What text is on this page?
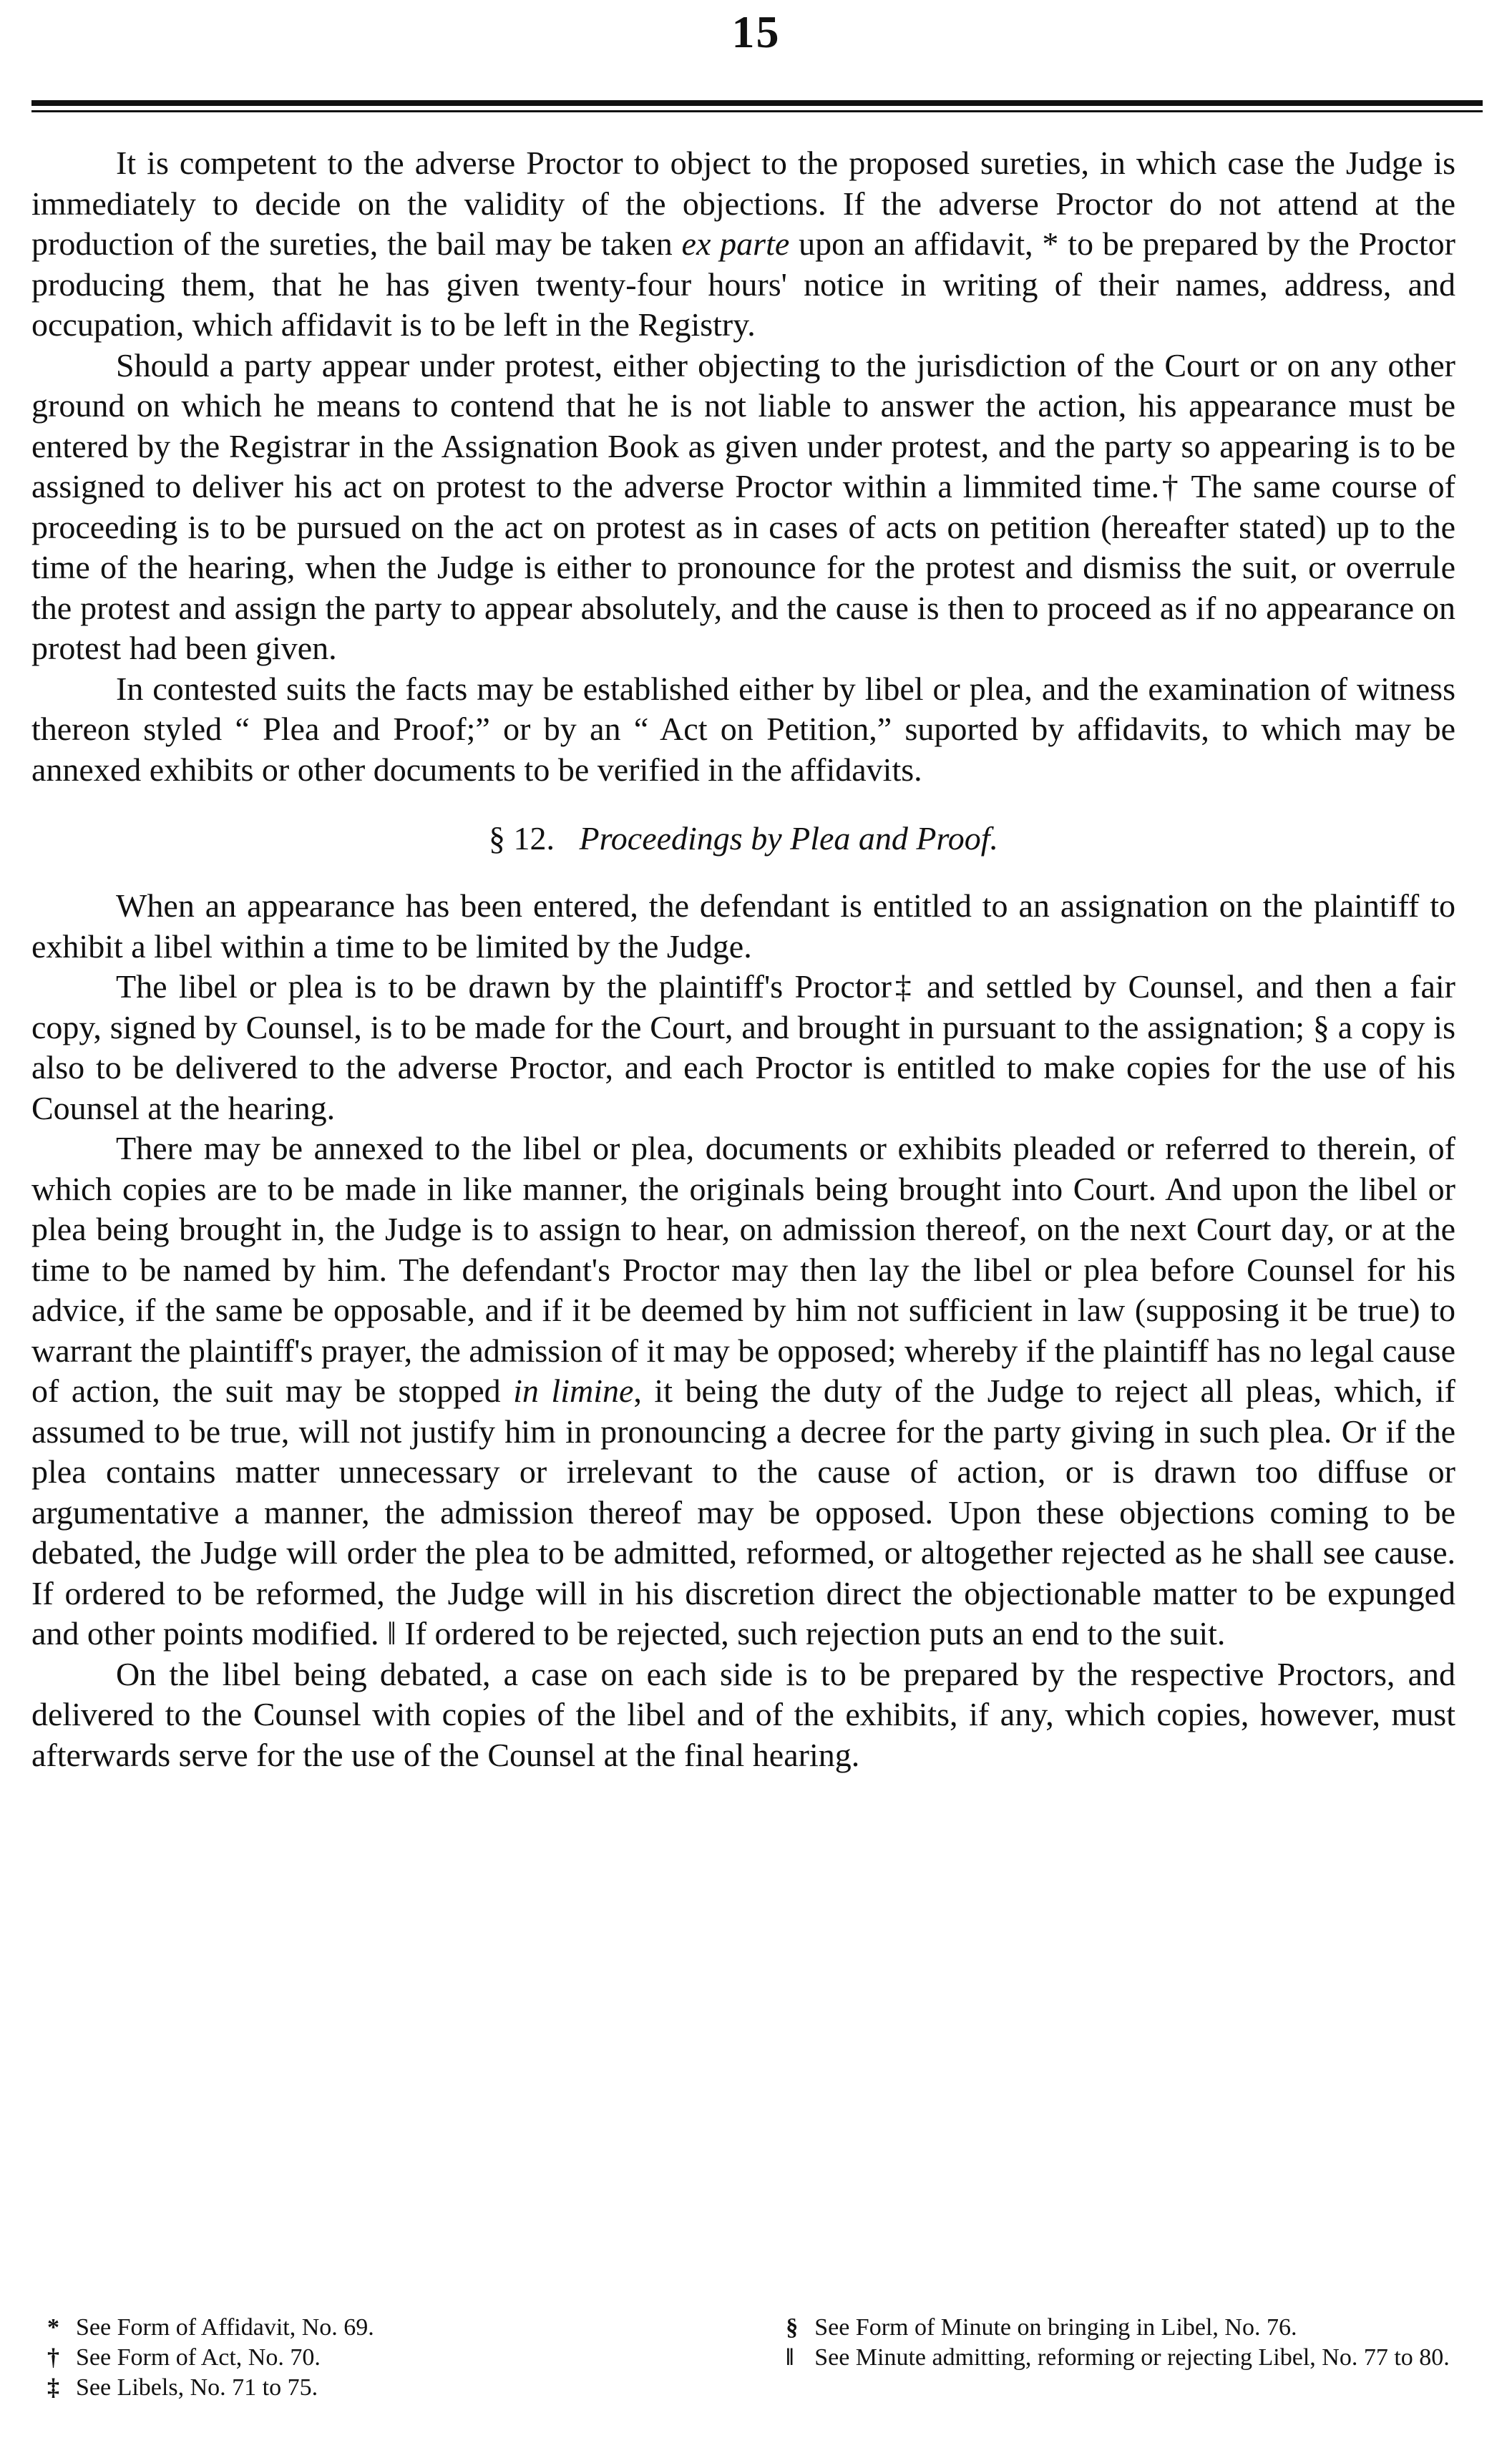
15

It is competent to the adverse Proctor to object to the proposed sureties, in which case the Judge is immediately to decide on the validity of the objections. If the adverse Proctor do not attend at the production of the sureties, the bail may be taken ex parte upon an affidavit, * to be prepared by the Proctor producing them, that he has given twenty-four hours' notice in writing of their names, address, and occupation, which affidavit is to be left in the Registry.

Should a party appear under protest, either objecting to the jurisdiction of the Court or on any other ground on which he means to contend that he is not liable to answer the action, his appearance must be entered by the Registrar in the Assignation Book as given under protest, and the party so appearing is to be assigned to deliver his act on protest to the adverse Proctor within a limmited time.† The same course of proceeding is to be pursued on the act on protest as in cases of acts on petition (hereafter stated) up to the time of the hearing, when the Judge is either to pronounce for the protest and dismiss the suit, or overrule the protest and assign the party to appear absolutely, and the cause is then to proceed as if no appearance on protest had been given.

In contested suits the facts may be established either by libel or plea, and the examination of witness thereon styled “ Plea and Proof;” or by an “ Act on Petition,” suported by affidavits, to which may be annexed exhibits or other documents to be verified in the affidavits.

§ 12. Proceedings by Plea and Proof.

When an appearance has been entered, the defendant is entitled to an assignation on the plaintiff to exhibit a libel within a time to be limited by the Judge.

The libel or plea is to be drawn by the plaintiff's Proctor‡ and settled by Counsel, and then a fair copy, signed by Counsel, is to be made for the Court, and brought in pursuant to the assignation; § a copy is also to be delivered to the adverse Proctor, and each Proctor is entitled to make copies for the use of his Counsel at the hearing.

There may be annexed to the libel or plea, documents or exhibits pleaded or referred to therein, of which copies are to be made in like manner, the originals being brought into Court. And upon the libel or plea being brought in, the Judge is to assign to hear, on admission thereof, on the next Court day, or at the time to be named by him. The defendant's Proctor may then lay the libel or plea before Counsel for his advice, if the same be opposable, and if it be deemed by him not sufficient in law (supposing it be true) to warrant the plaintiff's prayer, the admission of it may be opposed; whereby if the plaintiff has no legal cause of action, the suit may be stopped in limine, it being the duty of the Judge to reject all pleas, which, if assumed to be true, will not justify him in pronouncing a decree for the party giving in such plea. Or if the plea contains matter unnecessary or irrelevant to the cause of action, or is drawn too diffuse or argumentative a manner, the admission thereof may be opposed. Upon these objections coming to be debated, the Judge will order the plea to be admitted, reformed, or altogether rejected as he shall see cause. If ordered to be reformed, the Judge will in his discretion direct the objectionable matter to be expunged and other points modified. ‖ If ordered to be rejected, such rejection puts an end to the suit.

On the libel being debated, a case on each side is to be prepared by the respective Proctors, and delivered to the Counsel with copies of the libel and of the exhibits, if any, which copies, however, must afterwards serve for the use of the Counsel at the final hearing.

* See Form of Affidavit, No. 69.
† See Form of Act, No. 70.
‡ See Libels, No. 71 to 75.
§ See Form of Minute on bringing in Libel, No. 76.
‖ See Minute admitting, reforming or rejecting Libel, No. 77 to 80.
